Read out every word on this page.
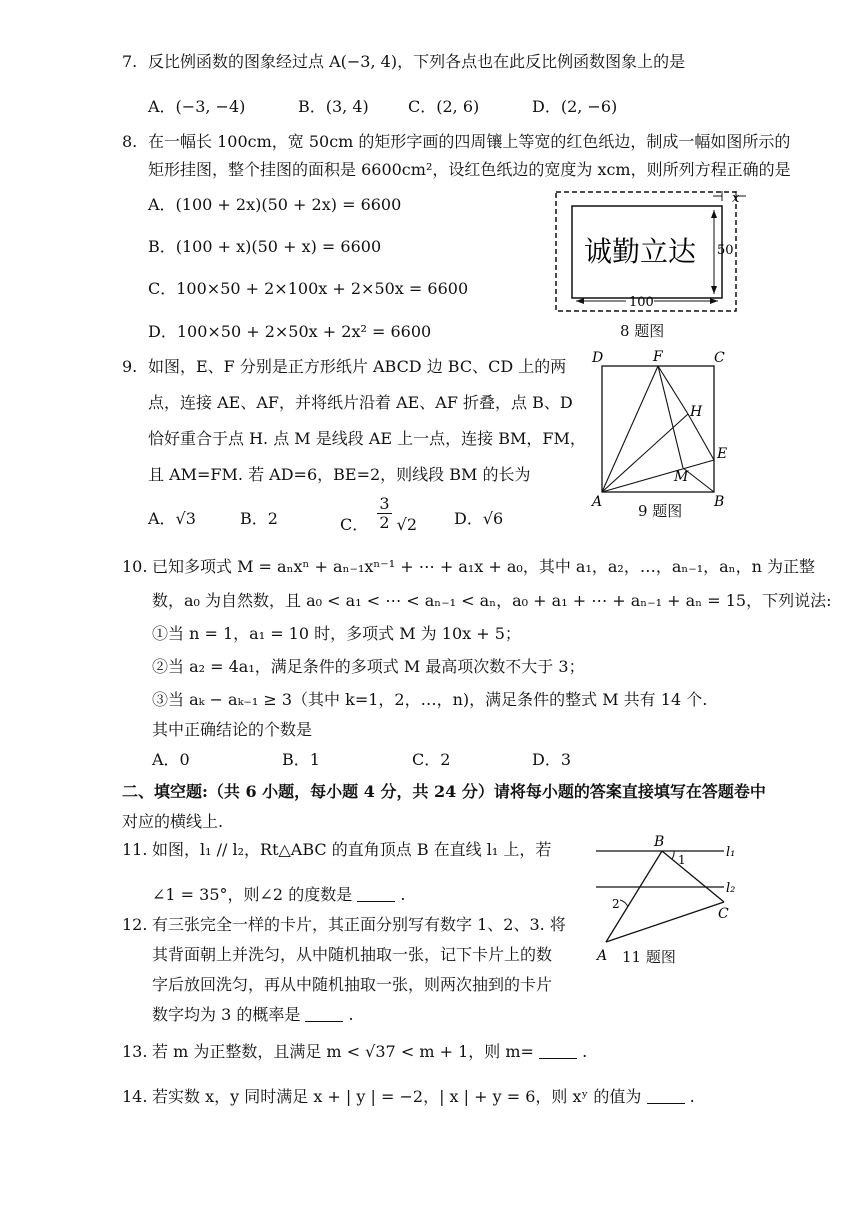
7. 反比例函数的图象经过点 A(−3, 4)，下列各点也在此反比例函数图象上的是
A．(−3, −4)	B．(3, 4) C．(2, 6)	D．(2, −6)
8. 在一幅长 100cm，宽 50cm 的矩形字画的四周镶上等宽的红色纸边，制成一幅如图所示的
矩形挂图，整个挂图的面积是 6600cm²，设红色纸边的宽度为 xcm，则所列方程正确的是
A．(100 + 2x)(50 + 2x) = 6600
B．(100 + x)(50 + x) = 6600
C．100×50 + 2×100x + 2×50x = 6600
D．100×50 + 2×50x + 2x² = 6600
x
50
100
诚勤立达
8 题图
9. 如图，E、F 分别是正方形纸片 ABCD 边 BC、CD 上的两
点，连接 AE、AF，并将纸片沿着 AE、AF 折叠，点 B、D
恰好重合于点 H. 点 M 是线段 AE 上一点，连接 BM，FM，
且 AM=FM. 若 AD=6，BE=2，则线段 BM 的长为
A．√3	B．2	C． $\frac{3}{2} √2$ D．√6
D	F	C
H
E
M
A	B
9 题图
10. 已知多项式 M = aₙxⁿ + aₙ₋₁xⁿ⁻¹ + ⋯ + a₁x + a₀，其中 a₁，a₂，…，aₙ₋₁，aₙ，n 为正整
数，a₀ 为自然数，且 a₀ < a₁ < ⋯ < aₙ₋₁ < aₙ，a₀ + a₁ + ⋯ + aₙ₋₁ + aₙ = 15，下列说法:
①当 n = 1，a₁ = 10 时，多项式 M 为 10x + 5；
②当 a₂ = 4a₁，满足条件的多项式 M 最高项次数不大于 3；
③当 aₖ − aₖ₋₁ ≥ 3（其中 k=1，2，…，n)，满足条件的整式 M 共有 14 个.
其中正确结论的个数是
A．0	B．1	C．2	D．3
二、填空题:（共 6 小题，每小题 4 分，共 24 分）请将每小题的答案直接填写在答题卷中
对应的横线上.
11. 如图，l₁ // l₂，Rt△ABC 的直角顶点 B 在直线 l₁ 上，若
∠1 = 35°，则∠2 的度数是	.
B
1	l₁
l₂
2
C
A 11 题图
12. 有三张完全一样的卡片，其正面分别写有数字 1、2、3. 将
其背面朝上并洗匀，从中随机抽取一张，记下卡片上的数
字后放回洗匀，再从中随机抽取一张，则两次抽到的卡片
数字均为 3 的概率是	.
13. 若 m 为正整数，且满足 m < √37 < m + 1，则 m=	.
14. 若实数 x，y 同时满足 x + | y | = −2，| x | + y = 6，则 xʸ 的值为	.
